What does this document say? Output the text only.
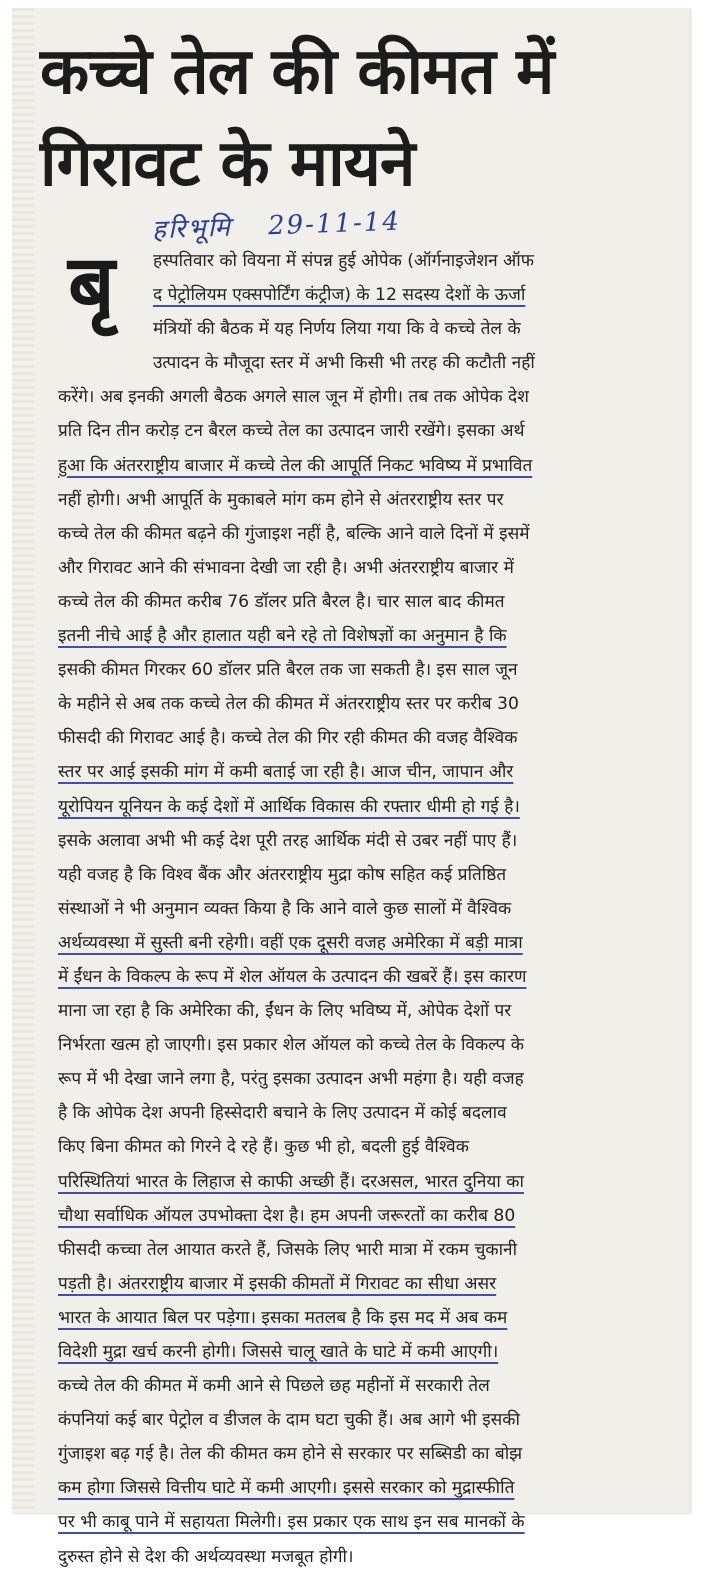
कच्चे तेल की कीमत में
गिरावट के मायने
हरिभूमि 29-11-14
बृ	हस्पतिवार को वियना में संपन्न हुई ओपेक (ऑर्गनाइजेशन ऑफ
द पेट्रोलियम एक्सपोर्टिंग कंट्रीज) के 12 सदस्य देशों के ऊर्जा
मंत्रियों की बैठक में यह निर्णय लिया गया कि वे कच्चे तेल के
उत्पादन के मौजूदा स्तर में अभी किसी भी तरह की कटौती नहीं
करेंगे। अब इनकी अगली बैठक अगले साल जून में होगी। तब तक ओपेक देश
प्रति दिन तीन करोड़ टन बैरल कच्चे तेल का उत्पादन जारी रखेंगे। इसका अर्थ
हुआ कि अंतरराष्ट्रीय बाजार में कच्चे तेल की आपूर्ति निकट भविष्य में प्रभावित
नहीं होगी। अभी आपूर्ति के मुकाबले मांग कम होने से अंतरराष्ट्रीय स्तर पर
कच्चे तेल की कीमत बढ़ने की गुंजाइश नहीं है, बल्कि आने वाले दिनों में इसमें
और गिरावट आने की संभावना देखी जा रही है। अभी अंतरराष्ट्रीय बाजार में
कच्चे तेल की कीमत करीब 76 डॉलर प्रति बैरल है। चार साल बाद कीमत
इतनी नीचे आई है और हालात यही बने रहे तो विशेषज्ञों का अनुमान है कि
इसकी कीमत गिरकर 60 डॉलर प्रति बैरल तक जा सकती है। इस साल जून
के महीने से अब तक कच्चे तेल की कीमत में अंतरराष्ट्रीय स्तर पर करीब 30
फीसदी की गिरावट आई है। कच्चे तेल की गिर रही कीमत की वजह वैश्विक
स्तर पर आई इसकी मांग में कमी बताई जा रही है। आज चीन, जापान और
यूरोपियन यूनियन के कई देशों में आर्थिक विकास की रफ्तार धीमी हो गई है।
इसके अलावा अभी भी कई देश पूरी तरह आर्थिक मंदी से उबर नहीं पाए हैं।
यही वजह है कि विश्व बैंक और अंतरराष्ट्रीय मुद्रा कोष सहित कई प्रतिष्ठित
संस्थाओं ने भी अनुमान व्यक्त किया है कि आने वाले कुछ सालों में वैश्विक
अर्थव्यवस्था में सुस्ती बनी रहेगी। वहीं एक दूसरी वजह अमेरिका में बड़ी मात्रा
में ईंधन के विकल्प के रूप में शेल ऑयल के उत्पादन की खबरें हैं। इस कारण
माना जा रहा है कि अमेरिका की, ईंधन के लिए भविष्य में, ओपेक देशों पर
निर्भरता खत्म हो जाएगी। इस प्रकार शेल ऑयल को कच्चे तेल के विकल्प के
रूप में भी देखा जाने लगा है, परंतु इसका उत्पादन अभी महंगा है। यही वजह
है कि ओपेक देश अपनी हिस्सेदारी बचाने के लिए उत्पादन में कोई बदलाव
किए बिना कीमत को गिरने दे रहे हैं। कुछ भी हो, बदली हुई वैश्विक
परिस्थितियां भारत के लिहाज से काफी अच्छी हैं। दरअसल, भारत दुनिया का
चौथा सर्वाधिक ऑयल उपभोक्ता देश है। हम अपनी जरूरतों का करीब 80
फीसदी कच्चा तेल आयात करते हैं, जिसके लिए भारी मात्रा में रकम चुकानी
पड़ती है। अंतरराष्ट्रीय बाजार में इसकी कीमतों में गिरावट का सीधा असर
भारत के आयात बिल पर पड़ेगा। इसका मतलब है कि इस मद में अब कम
विदेशी मुद्रा खर्च करनी होगी। जिससे चालू खाते के घाटे में कमी आएगी।
कच्चे तेल की कीमत में कमी आने से पिछले छह महीनों में सरकारी तेल
कंपनियां कई बार पेट्रोल व डीजल के दाम घटा चुकी हैं। अब आगे भी इसकी
गुंजाइश बढ़ गई है। तेल की कीमत कम होने से सरकार पर सब्सिडी का बोझ
कम होगा जिससे वित्तीय घाटे में कमी आएगी। इससे सरकार को मुद्रास्फीति
पर भी काबू पाने में सहायता मिलेगी। इस प्रकार एक साथ इन सब मानकों के
दुरुस्त होने से देश की अर्थव्यवस्था मजबूत होगी।
